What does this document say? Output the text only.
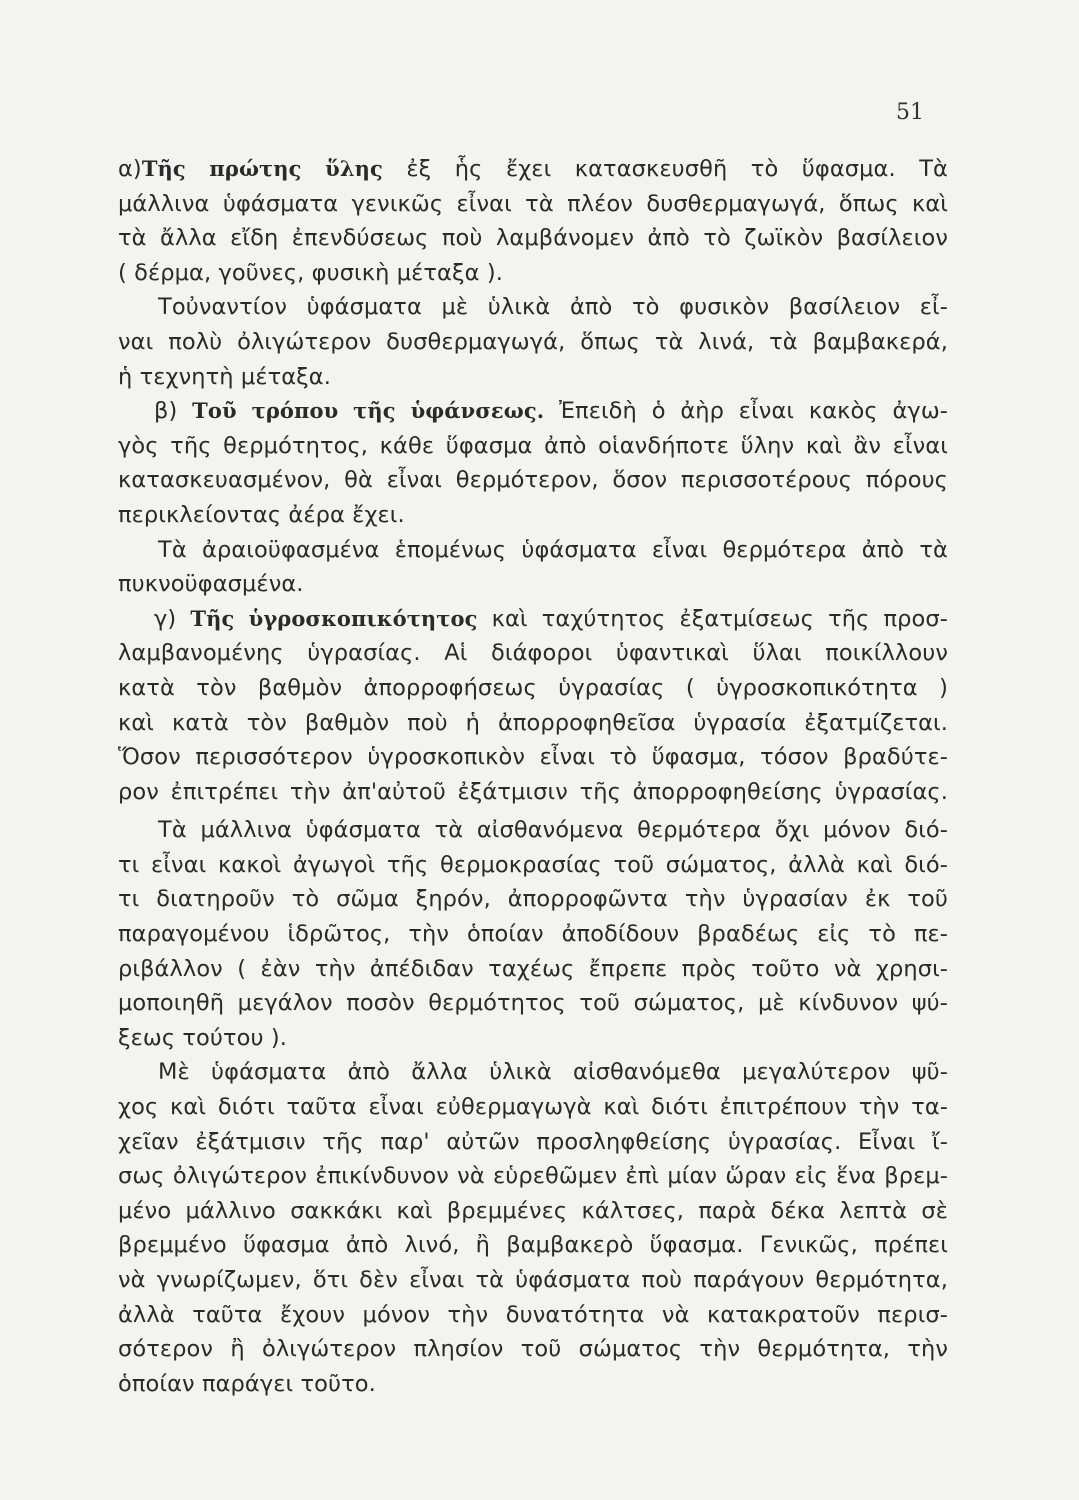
51
α)Τῆς πρώτης ὕλης ἐξ ἧς ἔχει κατασκευσθῆ τὸ ὕφασμα. Τὰ
μάλλινα ὑφάσματα γενικῶς εἶναι τὰ πλέον δυσθερμαγωγά, ὅπως καὶ
τὰ ἄλλα εἴδη ἐπενδύσεως ποὺ λαμβάνομεν ἀπὸ τὸ ζωϊκὸν βασίλειον
( δέρμα, γοῦνες, φυσικὴ μέταξα ).
Τοὐναντίον ὑφάσματα μὲ ὑλικὰ ἀπὸ τὸ φυσικὸν βασίλειον εἶ-
ναι πολὺ ὀλιγώτερον δυσθερμαγωγά, ὅπως τὰ λινά, τὰ βαμβακερά,
ἡ τεχνητὴ μέταξα.
β) Τοῦ τρόπου τῆς ὑφάνσεως. Ἐπειδὴ ὁ ἀὴρ εἶναι κακὸς ἀγω-
γὸς τῆς θερμότητος, κάθε ὕφασμα ἀπὸ οἱανδήποτε ὕλην καὶ ἂν εἶναι
κατασκευασμένον, θὰ εἶναι θερμότερον, ὅσον περισσοτέρους πόρους
περικλείοντας ἀέρα ἔχει.
Τὰ ἀραιοϋφασμένα ἑπομένως ὑφάσματα εἶναι θερμότερα ἀπὸ τὰ
πυκνοϋφασμένα.
γ) Τῆς ὑγροσκοπικότητος καὶ ταχύτητος ἐξατμίσεως τῆς προσ-
λαμβανομένης ὑγρασίας. Αἱ διάφοροι ὑφαντικαὶ ὕλαι ποικίλλουν
κατὰ τὸν βαθμὸν ἀπορροφήσεως ὑγρασίας ( ὑγροσκοπικότητα )
καὶ κατὰ τὸν βαθμὸν ποὺ ἡ ἀπορροφηθεῖσα ὑγρασία ἐξατμίζεται.
Ὅσον περισσότερον ὑγροσκοπικὸν εἶναι τὸ ὕφασμα, τόσον βραδύτε-
ρον ἐπιτρέπει τὴν ἀπ'αὐτοῦ ἐξάτμισιν τῆς ἀπορροφηθείσης ὑγρασίας.
Τὰ μάλλινα ὑφάσματα τὰ αἰσθανόμενα θερμότερα ὄχι μόνον διό-
τι εἶναι κακοὶ ἀγωγοὶ τῆς θερμοκρασίας τοῦ σώματος, ἀλλὰ καὶ διό-
τι διατηροῦν τὸ σῶμα ξηρόν, ἀπορροφῶντα τὴν ὑγρασίαν ἐκ τοῦ
παραγομένου ἱδρῶτος, τὴν ὁποίαν ἀποδίδουν βραδέως εἰς τὸ πε-
ριβάλλον ( ἐὰν τὴν ἀπέδιδαν ταχέως ἔπρεπε πρὸς τοῦτο νὰ χρησι-
μοποιηθῆ μεγάλον ποσὸν θερμότητος τοῦ σώματος, μὲ κίνδυνον ψύ-
ξεως τούτου ).
Μὲ ὑφάσματα ἀπὸ ἄλλα ὑλικὰ αἰσθανόμεθα μεγαλύτερον ψῦ-
χος καὶ διότι ταῦτα εἶναι εὐθερμαγωγὰ καὶ διότι ἐπιτρέπουν τὴν τα-
χεῖαν ἐξάτμισιν τῆς παρ' αὐτῶν προσληφθείσης ὑγρασίας. Εἶναι ἴ-
σως ὀλιγώτερον ἐπικίνδυνον νὰ εὑρεθῶμεν ἐπὶ μίαν ὥραν εἰς ἕνα βρεμ-
μένο μάλλινο σακκάκι καὶ βρεμμένες κάλτσες, παρὰ δέκα λεπτὰ σὲ
βρεμμένο ὕφασμα ἀπὸ λινό, ἢ βαμβακερὸ ὕφασμα. Γενικῶς, πρέπει
νὰ γνωρίζωμεν, ὅτι δὲν εἶναι τὰ ὑφάσματα ποὺ παράγουν θερμότητα,
ἀλλὰ ταῦτα ἔχουν μόνον τὴν δυνατότητα νὰ κατακρατοῦν περισ-
σότερον ἢ ὀλιγώτερον πλησίον τοῦ σώματος τὴν θερμότητα, τὴν
ὁποίαν παράγει τοῦτο.
